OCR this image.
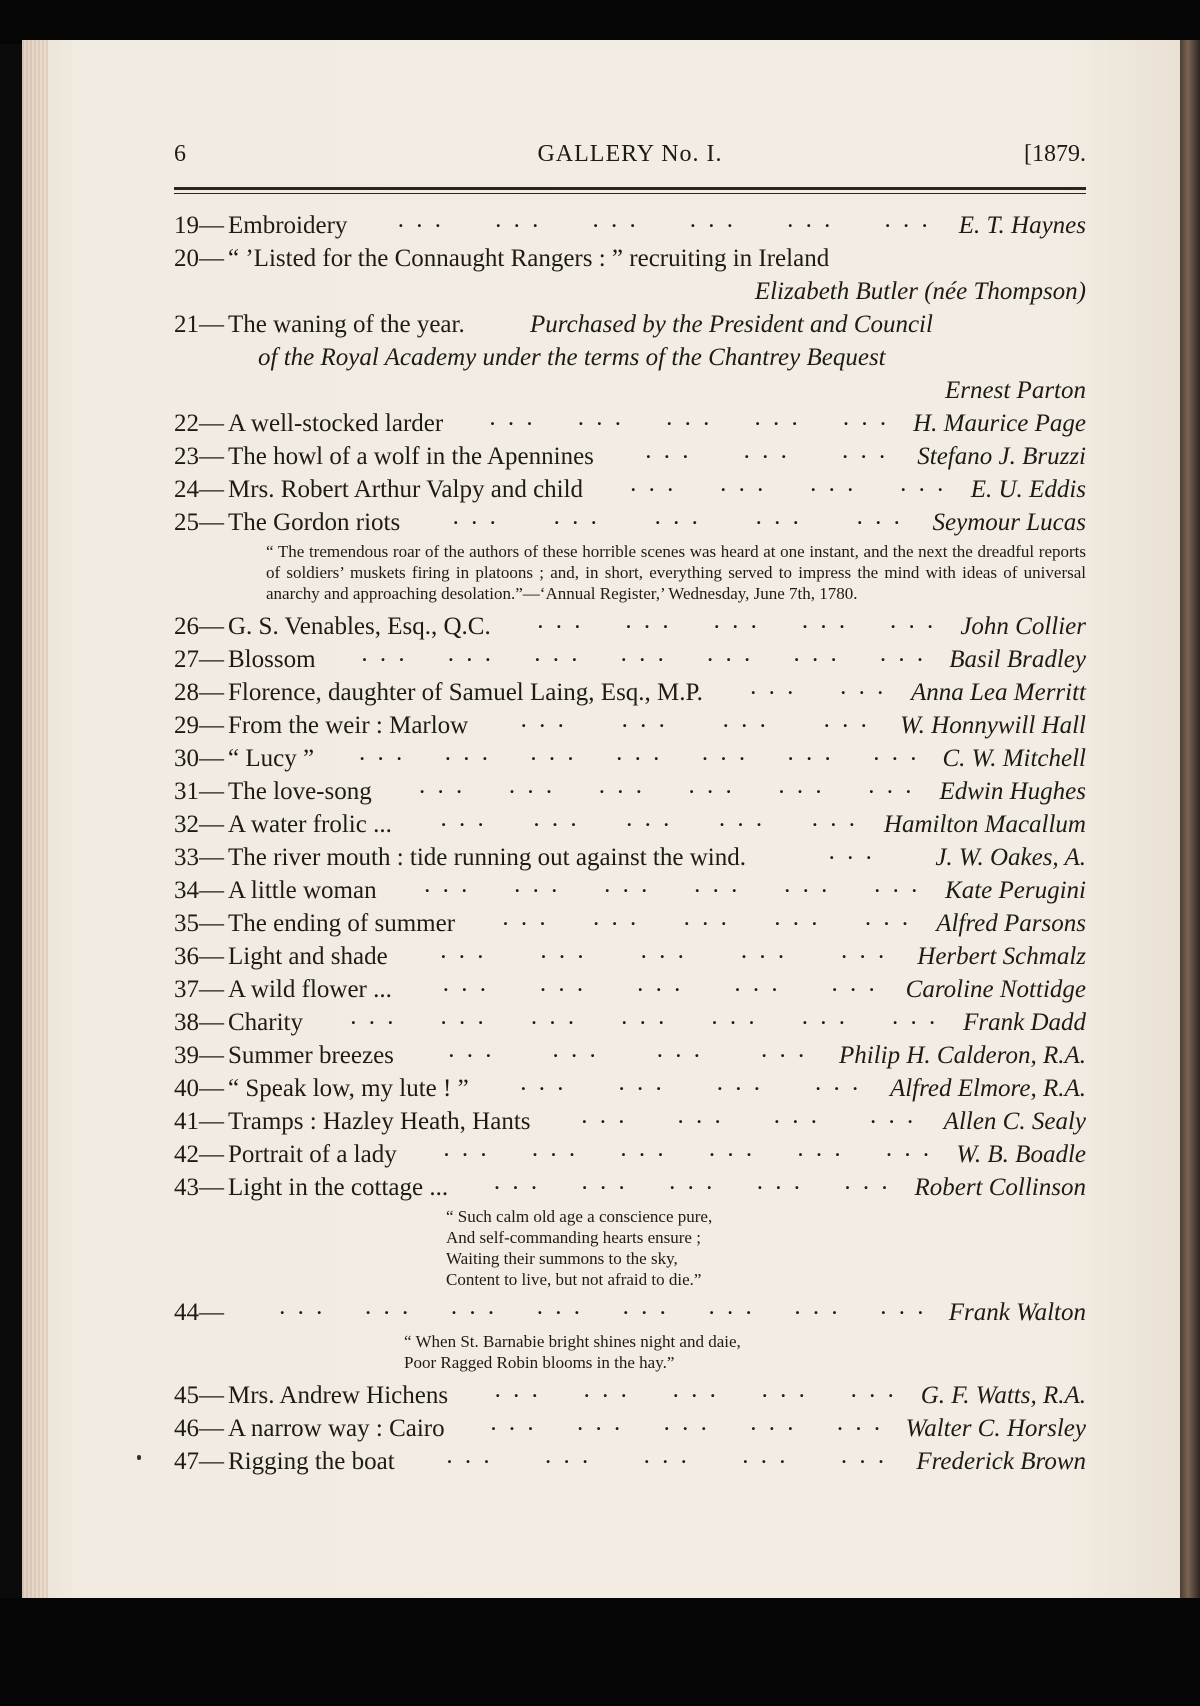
6	GALLERY No. I.	[1879.
19— Embroidery	E. T. Haynes
... ... ... ... ... ...
20— “ ’Listed for the Connaught Rangers : ” recruiting in Ireland
Elizabeth Butler (née Thompson)
21— The waning of the year.	Purchased by the President and Council
of the Royal Academy under the terms of the Chantrey Bequest
Ernest Parton
22— A well-stocked larder	H. Maurice Page
... ... ... ... ...
23— The howl of a wolf in the Apennines	Stefano J. Bruzzi
... ... ...
24— Mrs. Robert Arthur Valpy and child	E. U. Eddis
... ... ... ...
25— The Gordon riots	Seymour Lucas
...	...	...	...	...
“ The tremendous roar of the authors of these horrible scenes was heard at one instant, and the next the dreadful reports of soldiers’ muskets firing in platoons ; and, in short, everything served to impress the mind with ideas of universal anarchy and approaching desolation.”—‘Annual Register,’ Wednesday, June 7th, 1780.
26— G. S. Venables, Esq., Q.C.	John Collier
... ... ... ... ...
27— Blossom	Basil Bradley
... ... ... ... ... ... ...
28— Florence, daughter of Samuel Laing, Esq., M.P.	Anna Lea Merritt
... ...
29— From the weir : Marlow	W. Honnywill Hall
...	...	...	...
30— “ Lucy ”	C. W. Mitchell
... ... ... ... ... ... ...
31— The love-song	Edwin Hughes
... ... ... ... ... ...
32— A water frolic ...	Hamilton Macallum
... ... ... ... ...
33— The river mouth : tide running out against the wind.	J. W. Oakes, A.
...
34— A little woman	Kate Perugini
... ... ... ... ... ...
35— The ending of summer	Alfred Parsons
... ... ... ... ...
36— Light and shade	Herbert Schmalz
... ... ... ... ...
37— A wild flower ...	Caroline Nottidge
... ... ... ... ...
38— Charity	Frank Dadd
... ... ... ... ... ... ...
39— Summer breezes	Philip H. Calderon, R.A.
...	...	...	...
40— “ Speak low, my lute ! ”	Alfred Elmore, R.A.
... ... ... ...
41— Tramps : Hazley Heath, Hants	Allen C. Sealy
... ... ... ...
42— Portrait of a lady	W. B. Boadle
... ... ... ... ... ...
43— Light in the cottage ...	Robert Collinson
... ... ... ... ...
“ Such calm old age a conscience pure,
And self-commanding hearts ensure ;
Waiting their summons to the sky,
Content to live, but not afraid to die.”
44—	Frank Walton
... ... ... ... ... ... ... ...
“ When St. Barnabie bright shines night and daie,
Poor Ragged Robin blooms in the hay.”
45— Mrs. Andrew Hichens	G. F. Watts, R.A.
... ... ... ... ...
46— A narrow way : Cairo	Walter C. Horsley
... ... ... ... ...
47— Rigging the boat	Frederick Brown
... ... ... ... ...
